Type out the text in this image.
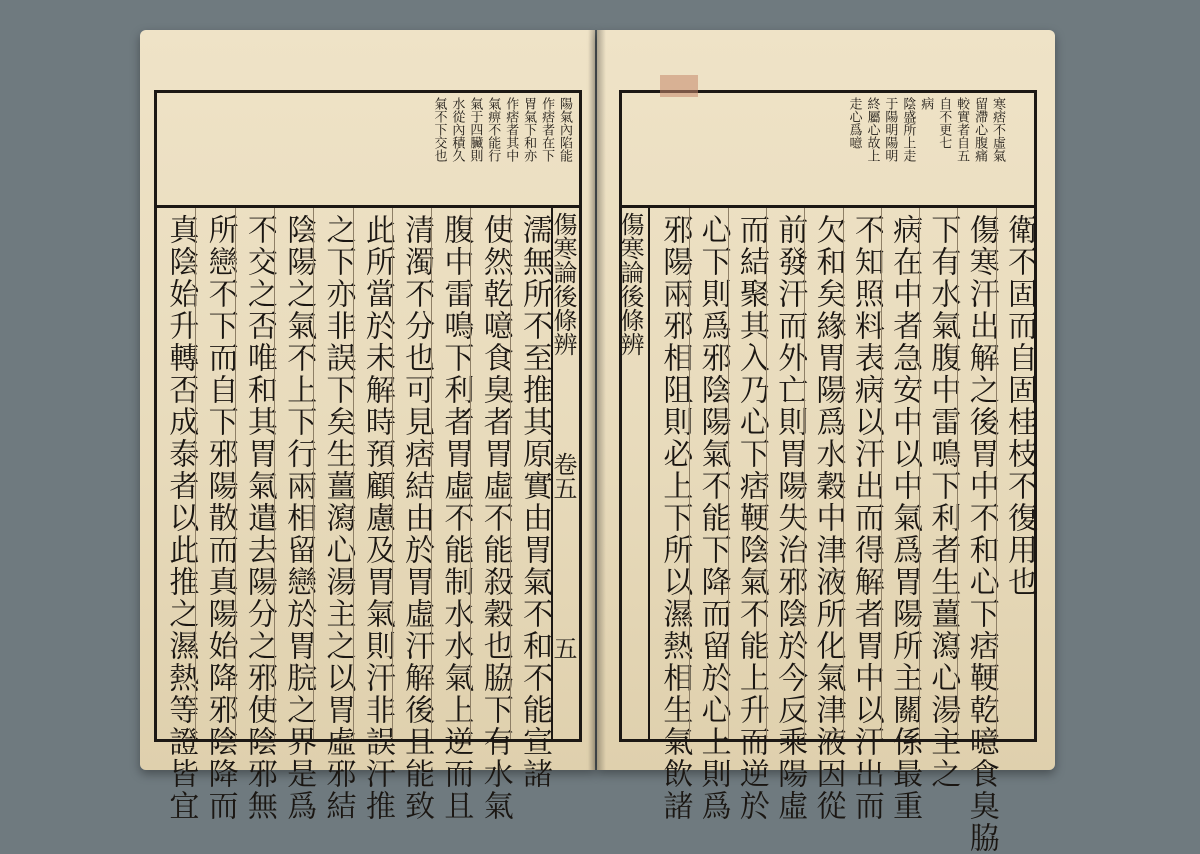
陽氣內陷能
作痞者在下
胃氣下和亦
作痞者其中
氣痹不能行
氣于四臟則
水從內積久
氣不下交也
濡無所不至推其原實由胃氣不和不能宣諸
使然乾噫食臭者胃虛不能殺穀也脇下有水氣
腹中雷鳴下利者胃虛不能制水水氣上逆而且
清濁不分也可見痞結由於胃虛汗解後且能致
此所當於未解時預顧慮及胃氣則汗非誤汗推
之下亦非誤下矣生薑瀉心湯主之以胃虛邪結
陰陽之氣不上下行兩相留戀於胃脘之界是爲
不交之否唯和其胃氣遣去陽分之邪使陰邪無
所戀不下而自下邪陽散而真陽始降邪陰降而
真陰始升轉否成泰者以此推之濕熱等證皆宜	傷寒論後條辨  卷五  五
寒痞不虛氣
留滯心腹痛
較實者自五
自不更七
病
陰盛所上走
于陽明陽明
終屬心故上
走心爲噫
衛不固而自固桂枝不復用也
傷寒汗出解之後胃中不和心下痞鞕乾噫食臭脇
下有水氣腹中雷鳴下利者生薑瀉心湯主之
病在中者急安中以中氣爲胃陽所主關係最重
不知照料表病以汗出而得解者胃中以汗出而
欠和矣緣胃陽爲水穀中津液所化氣津液因從
前發汗而外亡則胃陽失治邪陰於今反乘陽虛
而結聚其入乃心下痞鞕陰氣不能上升而逆於
心下則爲邪陰陽氣不能下降而留於心上則爲
邪陽兩邪相阻則必上下所以濕熱相生氣飲諸
傷寒論後條辨
